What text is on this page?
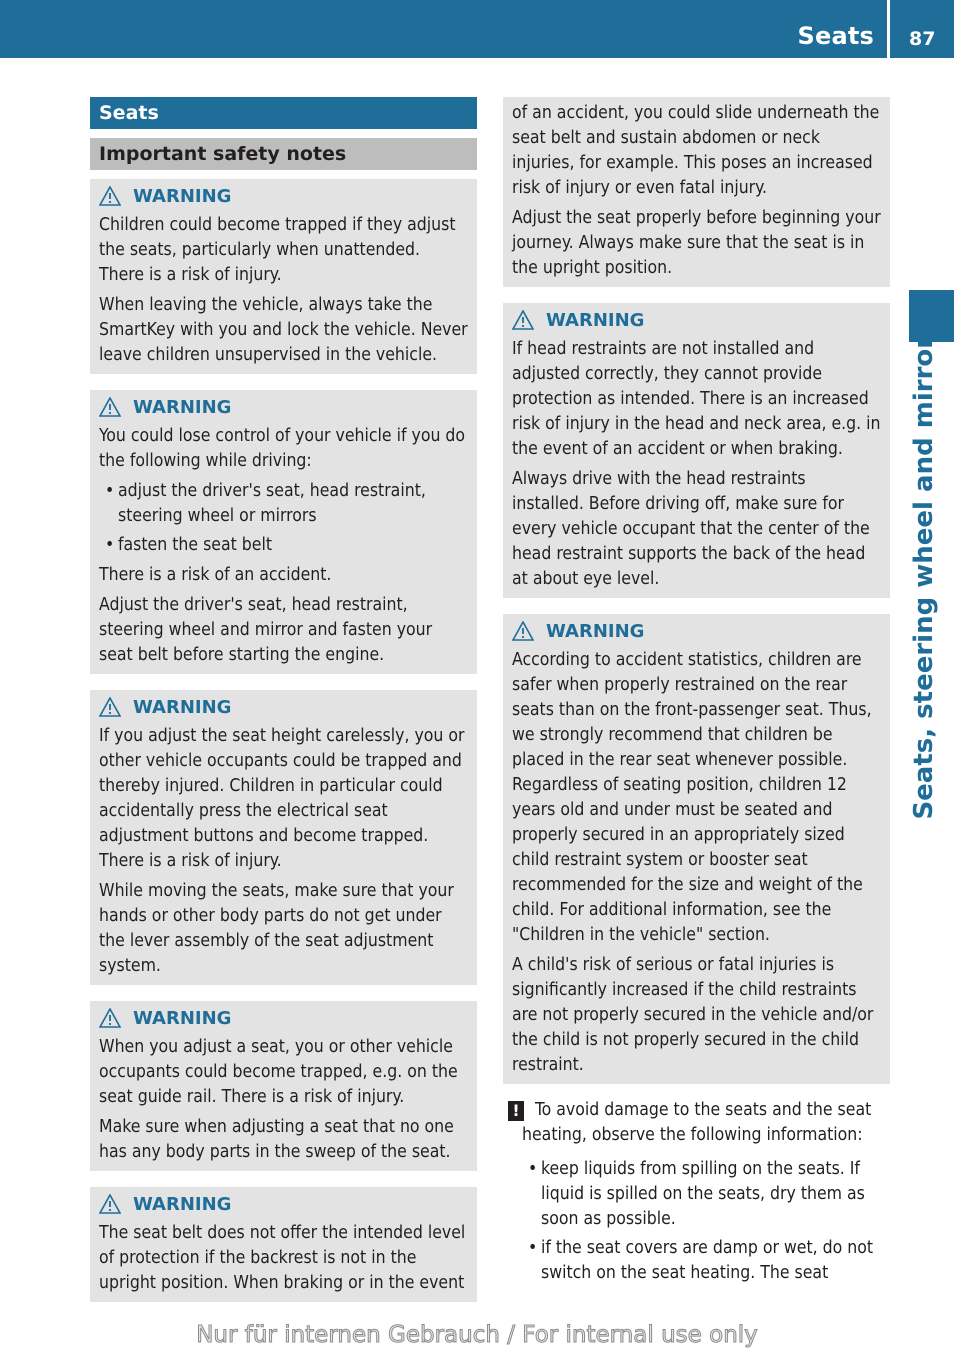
Seats 87
Seats, steering wheel and mirrors
Seats
Important safety notes
WARNING

Children could become trapped if they adjust the seats, particularly when unattended. There is a risk of injury.

When leaving the vehicle, always take the SmartKey with you and lock the vehicle. Never leave children unsupervised in the vehicle.

WARNING

You could lose control of your vehicle if you do the following while driving:

• adjust the driver's seat, head restraint, steering wheel or mirrors
• fasten the seat belt

There is a risk of an accident.

Adjust the driver's seat, head restraint, steering wheel and mirror and fasten your seat belt before starting the engine.

WARNING

If you adjust the seat height carelessly, you or other vehicle occupants could be trapped and thereby injured. Children in particular could accidentally press the electrical seat adjustment buttons and become trapped. There is a risk of injury.

While moving the seats, make sure that your hands or other body parts do not get under the lever assembly of the seat adjustment system.

WARNING

When you adjust a seat, you or other vehicle occupants could become trapped, e.g. on the seat guide rail. There is a risk of injury.

Make sure when adjusting a seat that no one has any body parts in the sweep of the seat.

WARNING

The seat belt does not offer the intended level of protection if the backrest is not in the upright position. When braking or in the event

of an accident, you could slide underneath the seat belt and sustain abdomen or neck injuries, for example. This poses an increased risk of injury or even fatal injury.

Adjust the seat properly before beginning your journey. Always make sure that the seat is in the upright position.

WARNING

If head restraints are not installed and adjusted correctly, they cannot provide protection as intended. There is an increased risk of injury in the head and neck area, e.g. in the event of an accident or when braking.

Always drive with the head restraints installed. Before driving off, make sure for every vehicle occupant that the center of the head restraint supports the back of the head at about eye level.

WARNING

According to accident statistics, children are safer when properly restrained on the rear seats than on the front-passenger seat. Thus, we strongly recommend that children be placed in the rear seat whenever possible. Regardless of seating position, children 12 years old and under must be seated and properly secured in an appropriately sized child restraint system or booster seat recommended for the size and weight of the child. For additional information, see the "Children in the vehicle" section.

A child's risk of serious or fatal injuries is significantly increased if the child restraints are not properly secured in the vehicle and/or the child is not properly secured in the child restraint.

! To avoid damage to the seats and the seat heating, observe the following information:

• keep liquids from spilling on the seats. If liquid is spilled on the seats, dry them as soon as possible.
• if the seat covers are damp or wet, do not switch on the seat heating. The seat
Nur für internen Gebrauch / For internal use only
